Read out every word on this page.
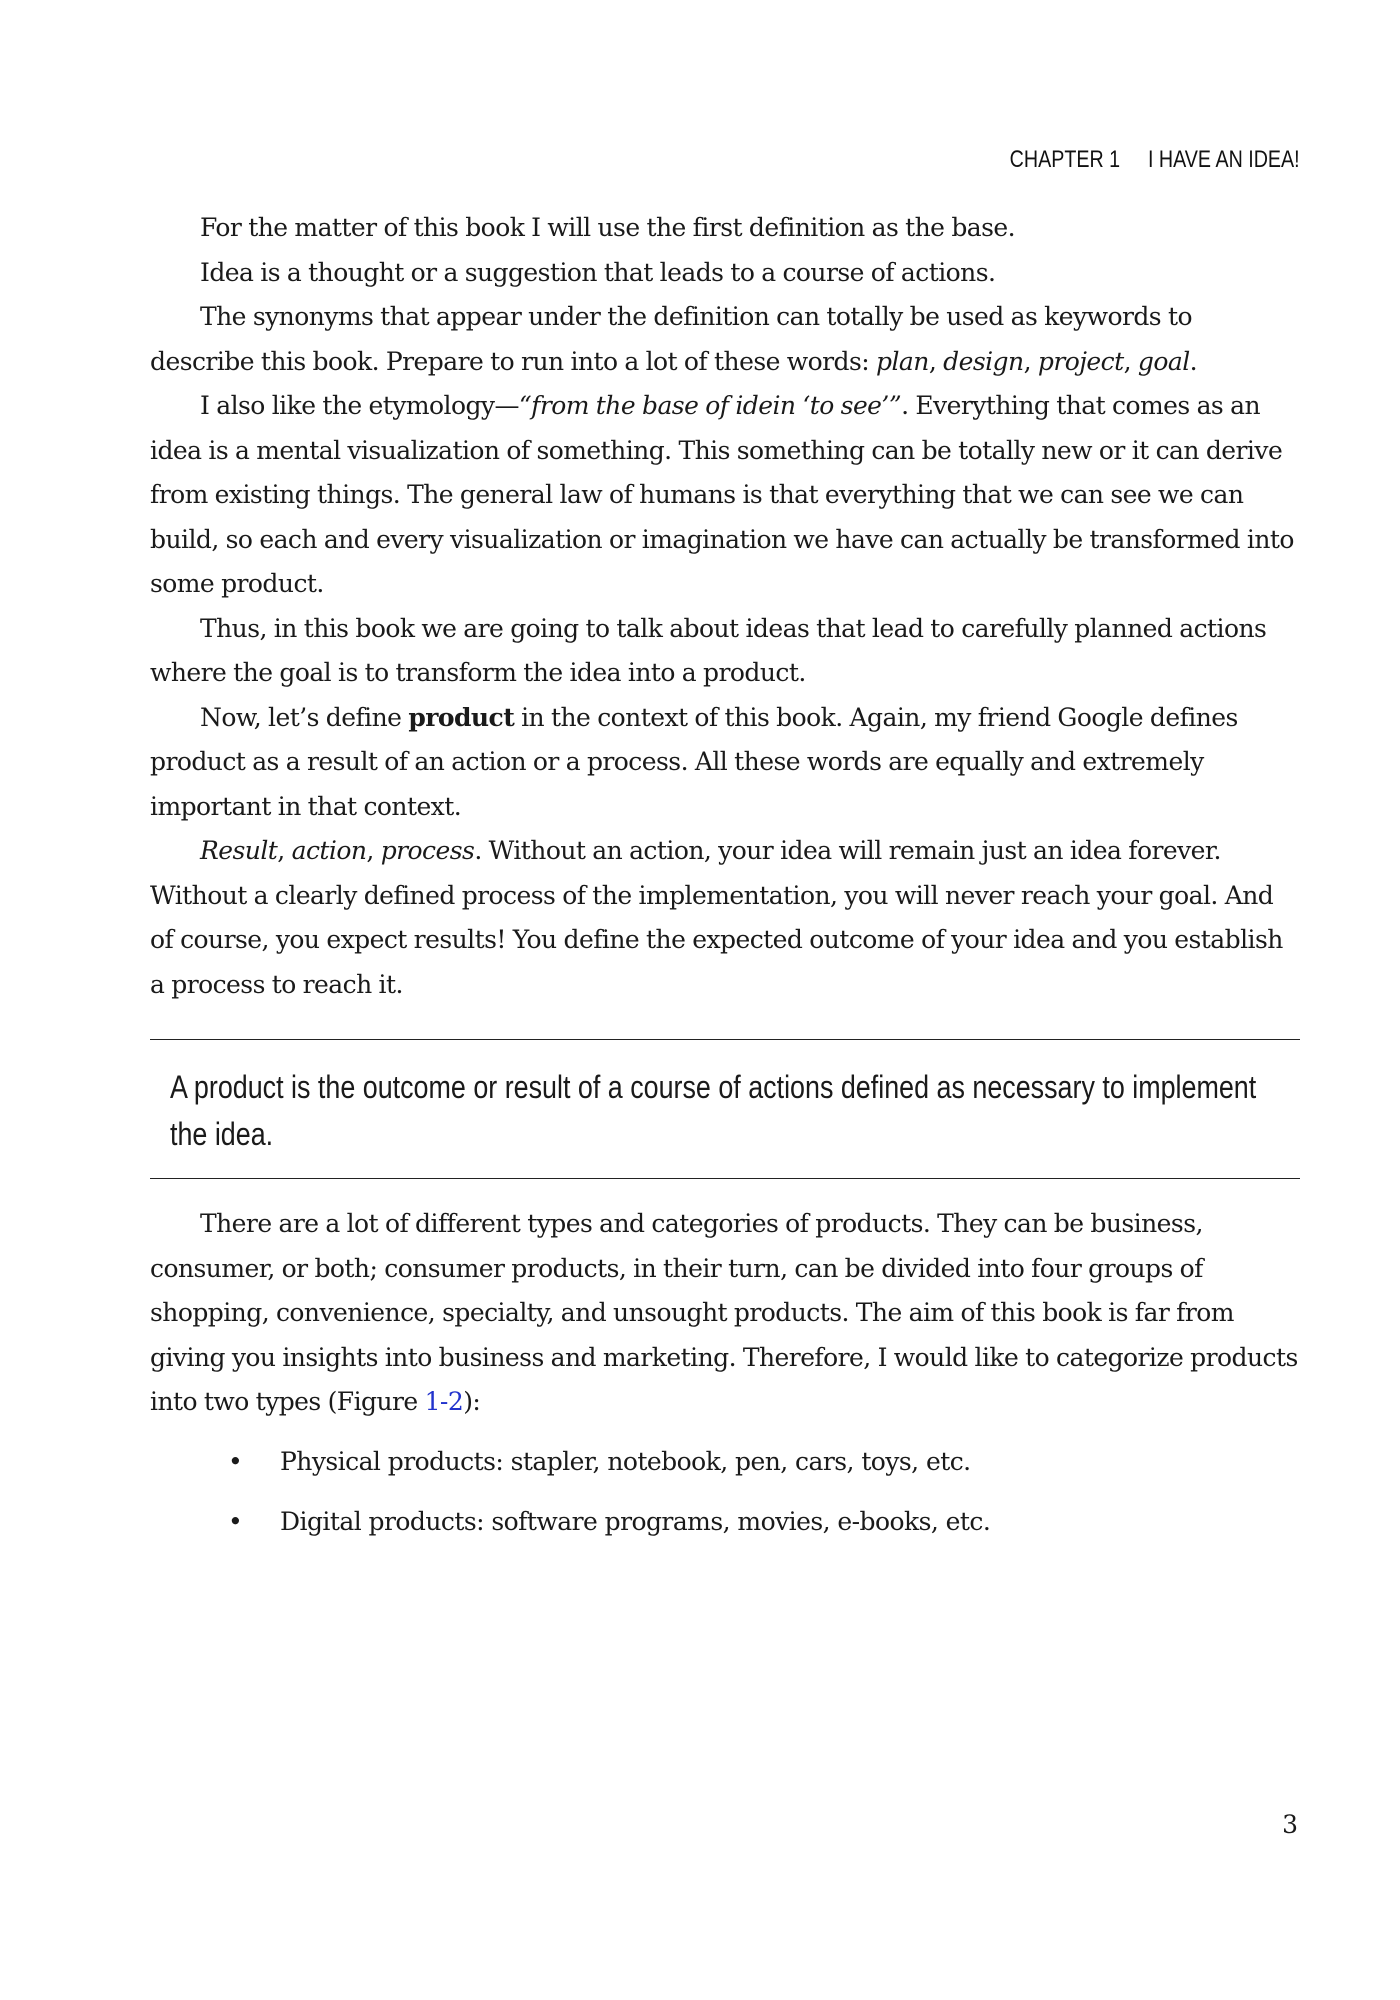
CHAPTER 1 I HAVE AN IDEA!

For the matter of this book I will use the first definition as the base.

Idea is a thought or a suggestion that leads to a course of actions.

The synonyms that appear under the definition can totally be used as keywords to describe this book. Prepare to run into a lot of these words: plan, design, project, goal.

I also like the etymology—“from the base of idein ‘to see’”. Everything that comes as an idea is a mental visualization of something. This something can be totally new or it can derive from existing things. The general law of humans is that everything that we can see we can build, so each and every visualization or imagination we have can actually be transformed into some product.

Thus, in this book we are going to talk about ideas that lead to carefully planned actions where the goal is to transform the idea into a product.

Now, let’s define product in the context of this book. Again, my friend Google defines product as a result of an action or a process. All these words are equally and extremely important in that context.

Result, action, process. Without an action, your idea will remain just an idea forever. Without a clearly defined process of the implementation, you will never reach your goal. And of course, you expect results! You define the expected outcome of your idea and you establish a process to reach it.

A product is the outcome or result of a course of actions defined as necessary to implement the idea.

There are a lot of different types and categories of products. They can be business, consumer, or both; consumer products, in their turn, can be divided into four groups of shopping, convenience, specialty, and unsought products. The aim of this book is far from giving you insights into business and marketing. Therefore, I would like to categorize products into two types (Figure 1-2):

• Physical products: stapler, notebook, pen, cars, toys, etc.
• Digital products: software programs, movies, e-books, etc.
3
